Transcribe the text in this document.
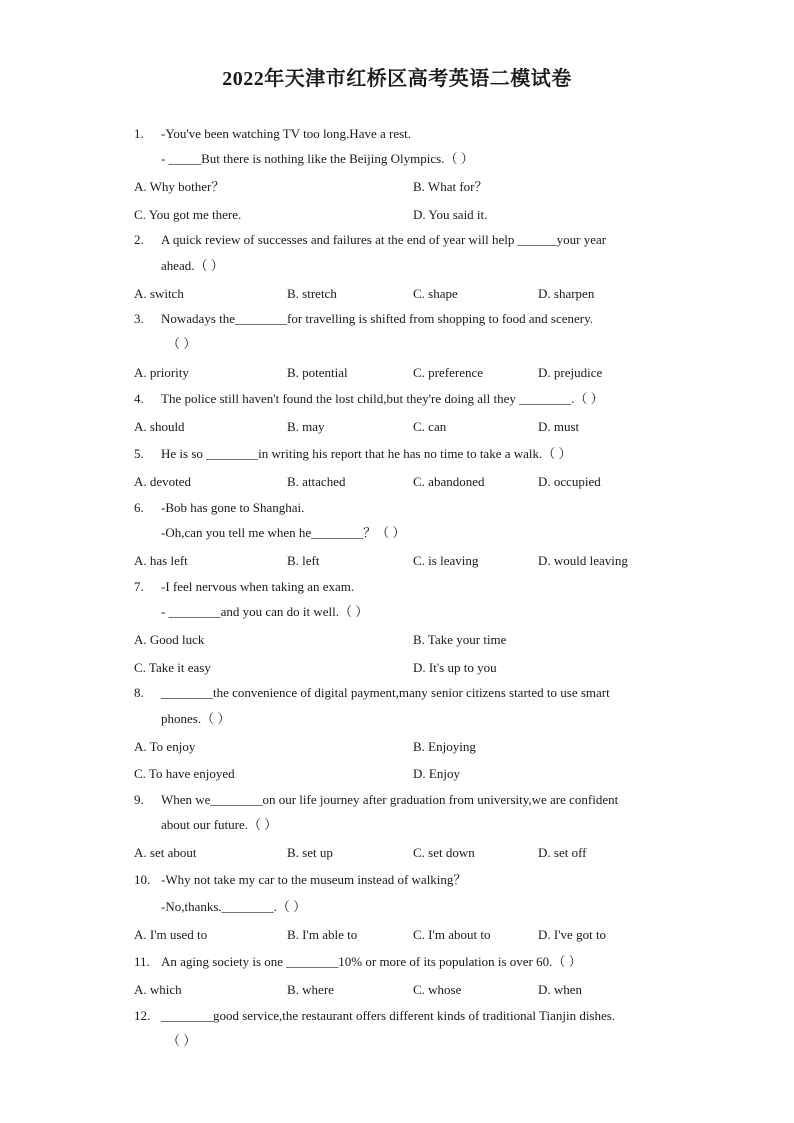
2022年天津市红桥区高考英语二模试卷
1. -You've been watching TV too long.Have a rest.
- _____But there is nothing like the Beijing Olympics.（ ）
A. Why bother？	B. What for？
C. You got me there.	D. You said it.
2. A quick review of successes and failures at the end of year will help ______your year
ahead.（ ）
A. switch	B. stretch	C. shape	D. sharpen
3. Nowadays the________for travelling is shifted from shopping to food and scenery.
（ ）
A. priority	B. potential	C. preference	D. prejudice
4. The police still haven't found the lost child,but they're doing all they ________.（ ）
A. should	B. may	C. can	D. must
5. He is so ________in writing his report that he has no time to take a walk.（ ）
A. devoted	B. attached	C. abandoned	D. occupied
6. -Bob has gone to Shanghai.
-Oh,can you tell me when he________？（ ）
A. has left	B. left	C. is leaving	D. would leaving
7. -I feel nervous when taking an exam.
- ________and you can do it well.（ ）
A. Good luck	B. Take your time
C. Take it easy	D. It's up to you
8. ________the convenience of digital payment,many senior citizens started to use smart
phones.（ ）
A. To enjoy	B. Enjoying
C. To have enjoyed	D. Enjoy
9. When we________on our life journey after graduation from university,we are confident
about our future.（ ）
A. set about	B. set up	C. set down	D. set off
10. -Why not take my car to the museum instead of walking？
-No,thanks.________.（ ）
A. I'm used to	B. I'm able to	C. I'm about to	D. I've got to
11. An aging society is one ________10% or more of its population is over 60.（ ）
A. which	B. where	C. whose	D. when
12. ________good service,the restaurant offers different kinds of traditional Tianjin dishes.
（ ）
